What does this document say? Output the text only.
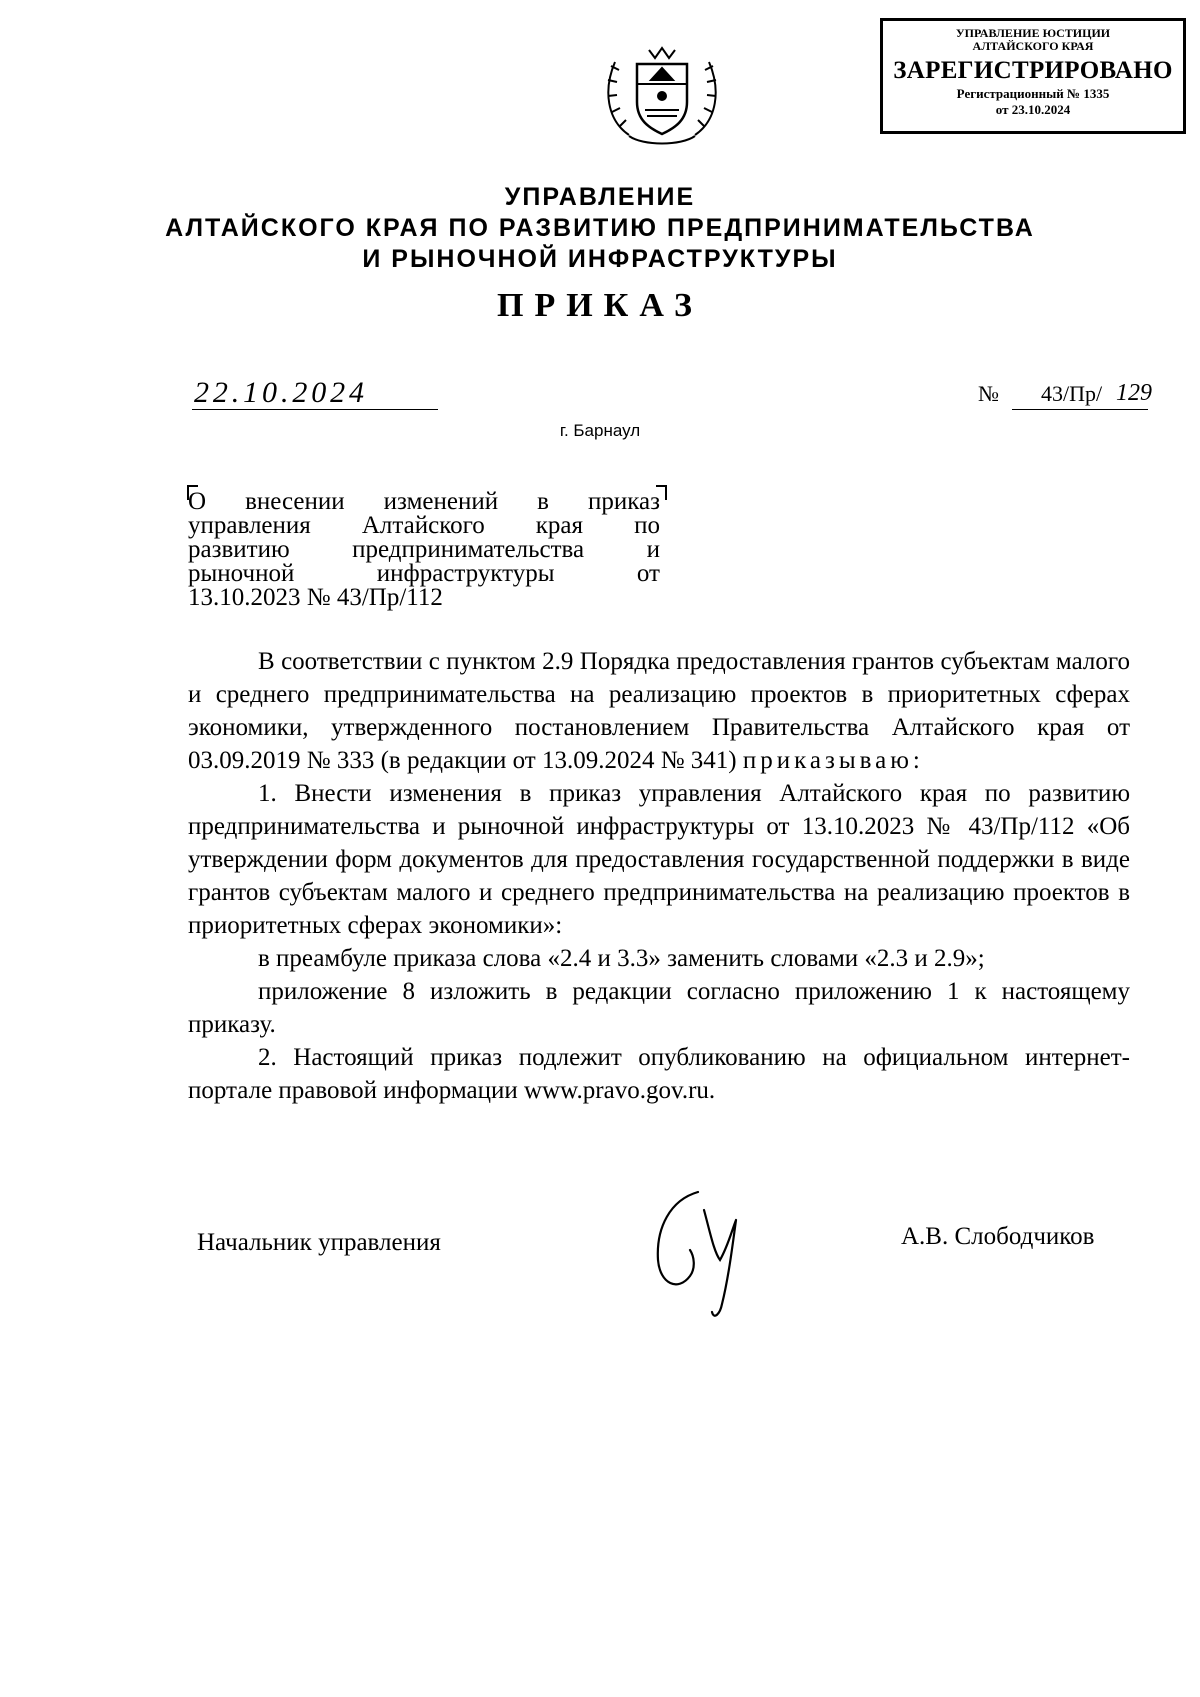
УПРАВЛЕНИЕ ЮСТИЦИИ
АЛТАЙСКОГО КРАЯ
ЗАРЕГИСТРИРОВАНО
Регистрационный № 1335
от 23.10.2024
УПРАВЛЕНИЕ
АЛТАЙСКОГО КРАЯ ПО РАЗВИТИЮ ПРЕДПРИНИМАТЕЛЬСТВА
И РЫНОЧНОЙ ИНФРАСТРУКТУРЫ
ПРИКАЗ
22.10.2024	№ 43/Пр/ 129
г. Барнаул
О внесении изменений в приказ
управления Алтайского края по
развитию предпринимательства и
рыночной	инфраструктуры	от
13.10.2023 № 43/Пр/112

В соответствии с пунктом 2.9 Порядка предоставления грантов субъектам малого и среднего предпринимательства на реализацию проектов в приоритетных сферах экономики, утвержденного постановлением Правительства Алтайского края от 03.09.2019 № 333 (в редакции от 13.09.2024 № 341) приказываю:

1. Внести изменения в приказ управления Алтайского края по развитию предпринимательства и рыночной инфраструктуры от 13.10.2023 № 43/Пр/112 «Об утверждении форм документов для предоставления государственной поддержки в виде грантов субъектам малого и среднего предпринимательства на реализацию проектов в приоритетных сферах экономики»:

в преамбуле приказа слова «2.4 и 3.3» заменить словами «2.3 и 2.9»;

приложение 8 изложить в редакции согласно приложению 1 к настоящему приказу.

2. Настоящий приказ подлежит опубликованию на официальном интернет-портале правовой информации www.pravo.gov.ru.

Начальник управления	А.В. Слободчиков
